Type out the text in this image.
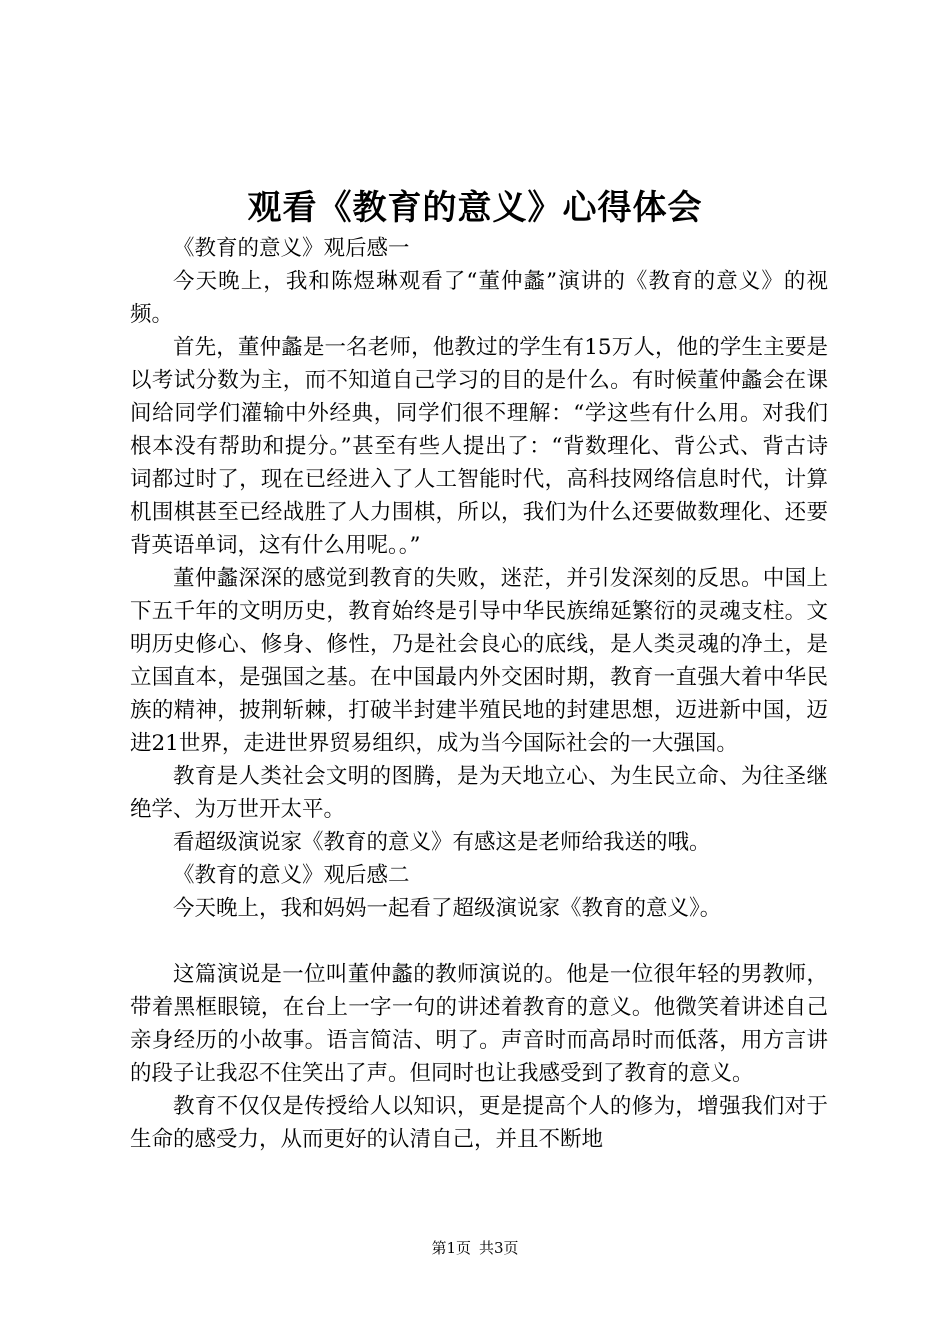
观看《教育的意义》心得体会

《教育的意义》观后感一

今天晚上，我和陈煜琳观看了“董仲蠡”演讲的《教育的意义》的视频。

首先，董仲蠡是一名老师，他教过的学生有15万人，他的学生主要是以考试分数为主，而不知道自己学习的目的是什么。有时候董仲蠡会在课间给同学们灌输中外经典，同学们很不理解：“学这些有什么用。对我们根本没有帮助和提分。”甚至有些人提出了：“背数理化、背公式、背古诗词都过时了，现在已经进入了人工智能时代，高科技网络信息时代，计算机围棋甚至已经战胜了人力围棋，所以，我们为什么还要做数理化、还要背英语单词，这有什么用呢。。”

董仲蠡深深的感觉到教育的失败，迷茫，并引发深刻的反思。中国上下五千年的文明历史，教育始终是引导中华民族绵延繁衍的灵魂支柱。文明历史修心、修身、修性，乃是社会良心的底线，是人类灵魂的净土，是立国直本，是强国之基。在中国最内外交困时期，教育一直强大着中华民族的精神，披荆斩棘，打破半封建半殖民地的封建思想，迈进新中国，迈进21世界，走进世界贸易组织，成为当今国际社会的一大强国。

教育是人类社会文明的图腾，是为天地立心、为生民立命、为往圣继绝学、为万世开太平。

看超级演说家《教育的意义》有感这是老师给我送的哦。

《教育的意义》观后感二

今天晚上，我和妈妈一起看了超级演说家《教育的意义》。

这篇演说是一位叫董仲蠡的教师演说的。他是一位很年轻的男教师，带着黑框眼镜，在台上一字一句的讲述着教育的意义。他微笑着讲述自己亲身经历的小故事。语言简洁、明了。声音时而高昂时而低落，用方言讲的段子让我忍不住笑出了声。但同时也让我感受到了教育的意义。

教育不仅仅是传授给人以知识，更是提高个人的修为，增强我们对于生命的感受力，从而更好的认清自己，并且不断地

第1页 共3页
